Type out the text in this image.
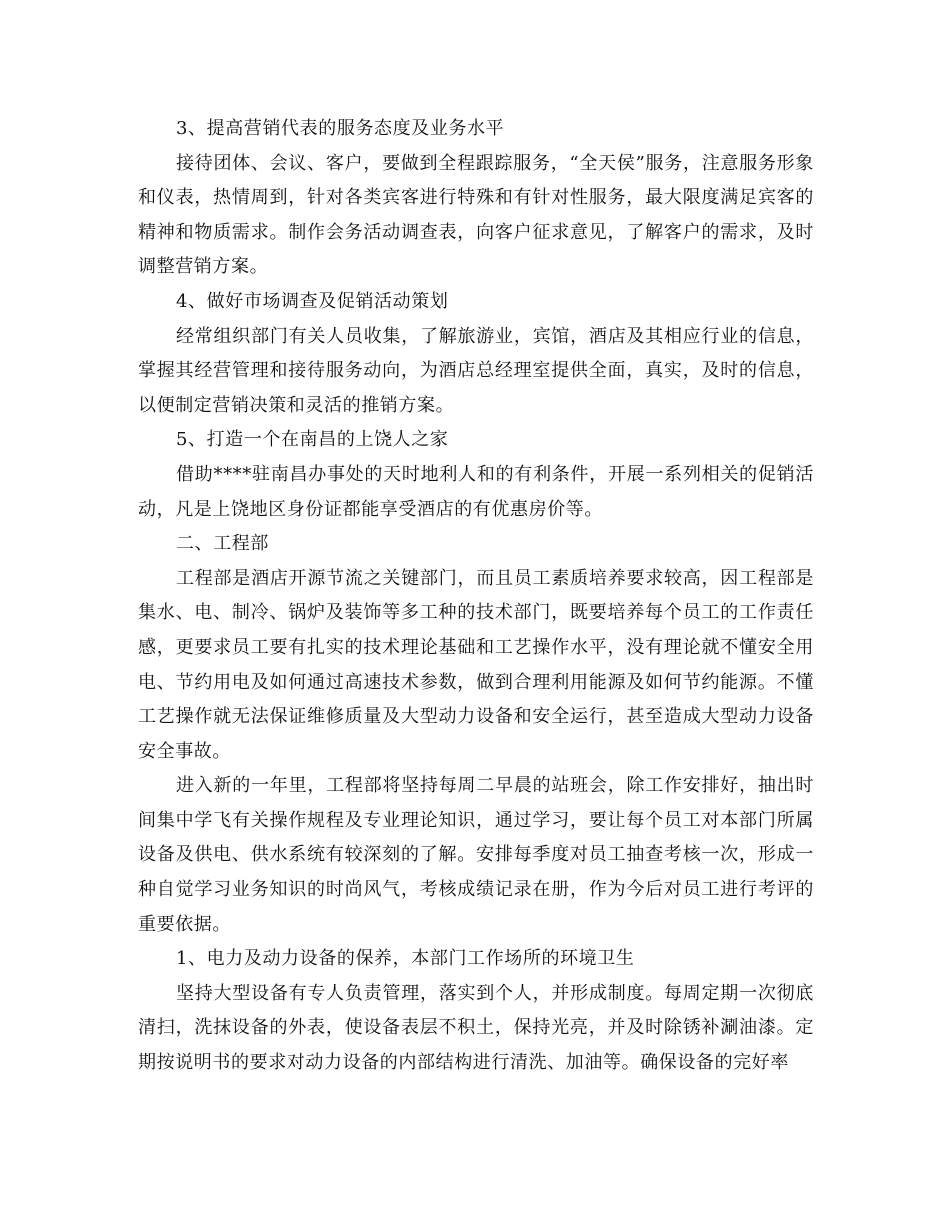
3、提高营销代表的服务态度及业务水平

接待团体、会议、客户，要做到全程跟踪服务，“全天侯”服务，注意服务形象和仪表，热情周到，针对各类宾客进行特殊和有针对性服务，最大限度满足宾客的精神和物质需求。制作会务活动调查表，向客户征求意见，了解客户的需求，及时调整营销方案。

4、做好市场调查及促销活动策划

经常组织部门有关人员收集，了解旅游业，宾馆，酒店及其相应行业的信息，掌握其经营管理和接待服务动向，为酒店总经理室提供全面，真实，及时的信息，以便制定营销决策和灵活的推销方案。

5、打造一个在南昌的上饶人之家

借助****驻南昌办事处的天时地利人和的有利条件，开展一系列相关的促销活动，凡是上饶地区身份证都能享受酒店的有优惠房价等。

二、工程部

工程部是酒店开源节流之关键部门，而且员工素质培养要求较高，因工程部是集水、电、制冷、锅炉及装饰等多工种的技术部门，既要培养每个员工的工作责任感，更要求员工要有扎实的技术理论基础和工艺操作水平，没有理论就不懂安全用电、节约用电及如何通过高速技术参数，做到合理利用能源及如何节约能源。不懂工艺操作就无法保证维修质量及大型动力设备和安全运行，甚至造成大型动力设备安全事故。

进入新的一年里，工程部将坚持每周二早晨的站班会，除工作安排好，抽出时间集中学飞有关操作规程及专业理论知识，通过学习，要让每个员工对本部门所属设备及供电、供水系统有较深刻的了解。安排每季度对员工抽查考核一次，形成一种自觉学习业务知识的时尚风气，考核成绩记录在册，作为今后对员工进行考评的重要依据。

1、电力及动力设备的保养，本部门工作场所的环境卫生

坚持大型设备有专人负责管理，落实到个人，并形成制度。每周定期一次彻底清扫，洗抹设备的外表，使设备表层不积土，保持光亮，并及时除锈补涮油漆。定期按说明书的要求对动力设备的内部结构进行清洗、加油等。确保设备的完好率
